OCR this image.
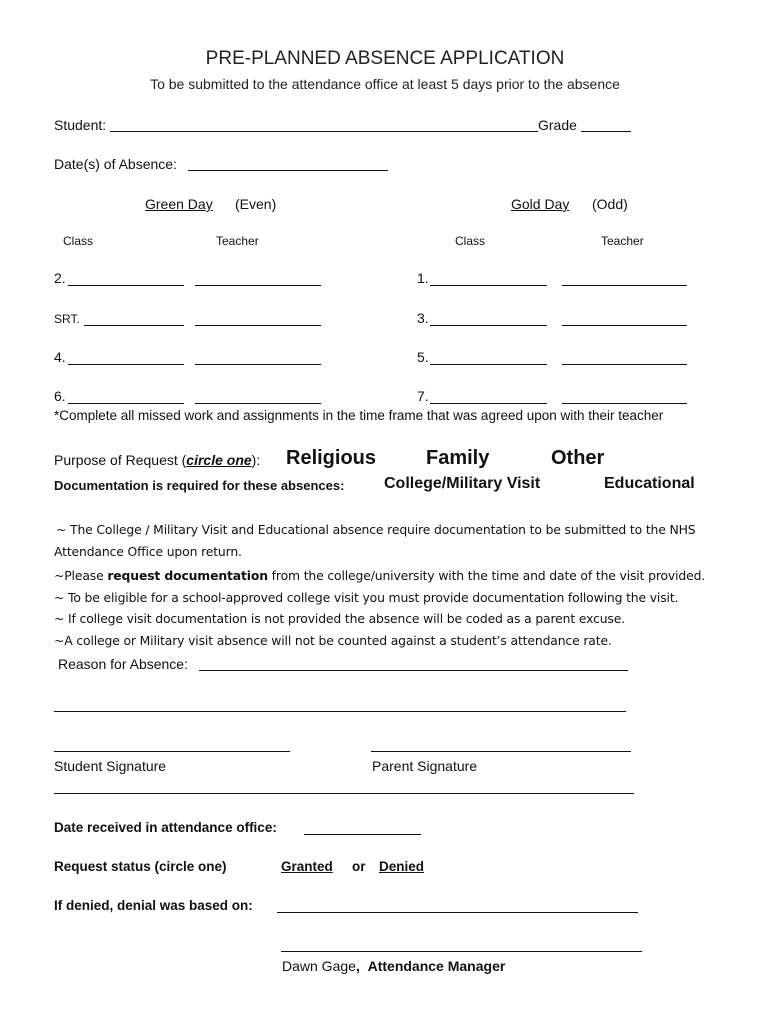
PRE-PLANNED ABSENCE APPLICATION
To be submitted to the attendance office at least 5 days prior to the absence
Student:	Grade
Date(s) of Absence:
Green Day (Even)	Gold Day (Odd)
Class	Teacher	Class	Teacher
2.	1.
SRT.	3.
4.	5.
6.	7.
*Complete all missed work and assignments in the time frame that was agreed upon with their teacher
Purpose of Request (circle one): Religious Family	Other
Documentation is required for these absences: College/Military Visit	Educational
~ The College / Military Visit and Educational absence require documentation to be submitted to the NHS
Attendance Office upon return.
~Please request documentation from the college/university with the time and date of the visit provided.
~ To be eligible for a school-approved college visit you must provide documentation following the visit.
~ If college visit documentation is not provided the absence will be coded as a parent excuse.
~A college or Military visit absence will not be counted against a student’s attendance rate.
Reason for Absence:
Student Signature	Parent Signature
Date received in attendance office:
Request status (circle one)	Granted or Denied
If denied, denial was based on:
Dawn Gage, Attendance Manager
